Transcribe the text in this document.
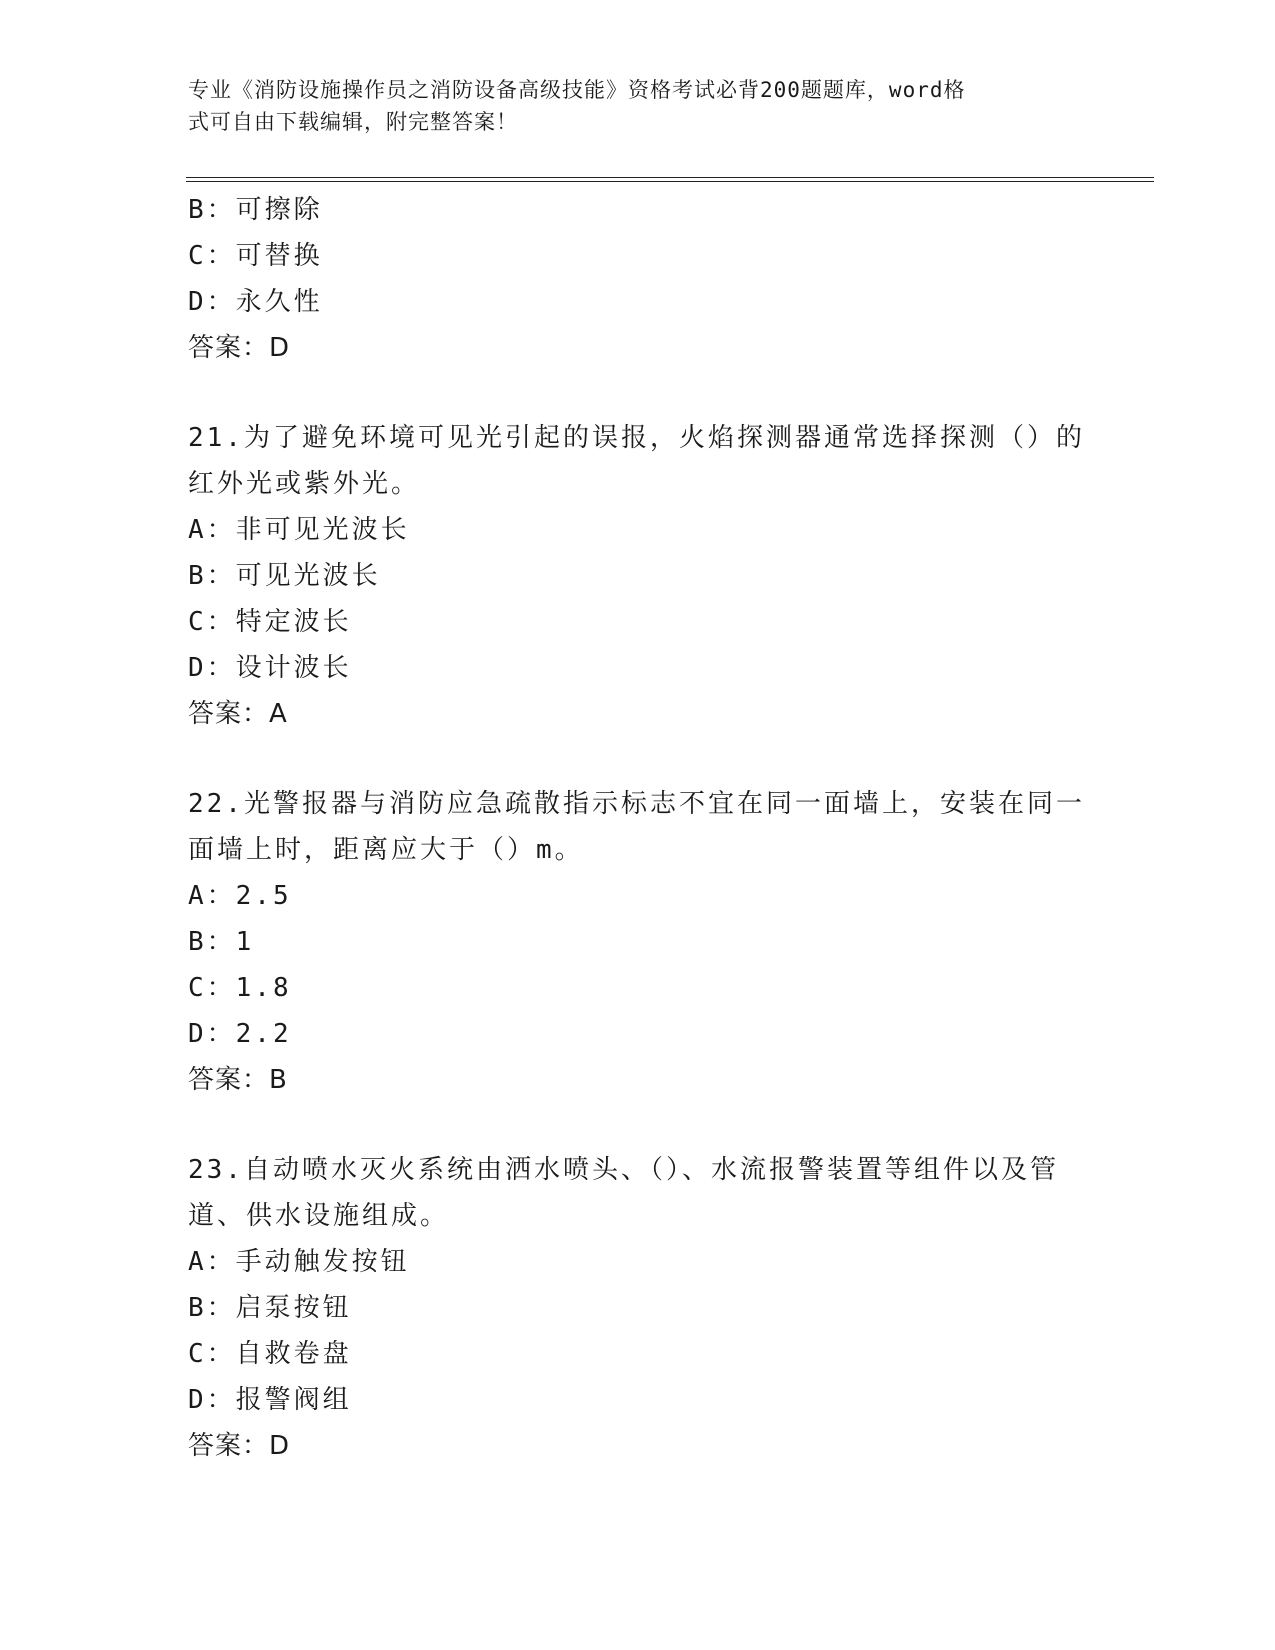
专业《消防设施操作员之消防设备高级技能》资格考试必背200题题库，word格
式可自由下载编辑，附完整答案！
B：可擦除
C：可替换
D：永久性
答案：D
21.为了避免环境可见光引起的误报，火焰探测器通常选择探测（）的
红外光或紫外光。
A：非可见光波长
B：可见光波长
C：特定波长
D：设计波长
答案：A
22.光警报器与消防应急疏散指示标志不宜在同一面墙上，安装在同一
面墙上时，距离应大于（）m。
A：2.5
B：1
C：1.8
D：2.2
答案：B
23.自动喷水灭火系统由洒水喷头、（）、水流报警装置等组件以及管
道、供水设施组成。
A：手动触发按钮
B：启泵按钮
C：自救卷盘
D：报警阀组
答案：D
